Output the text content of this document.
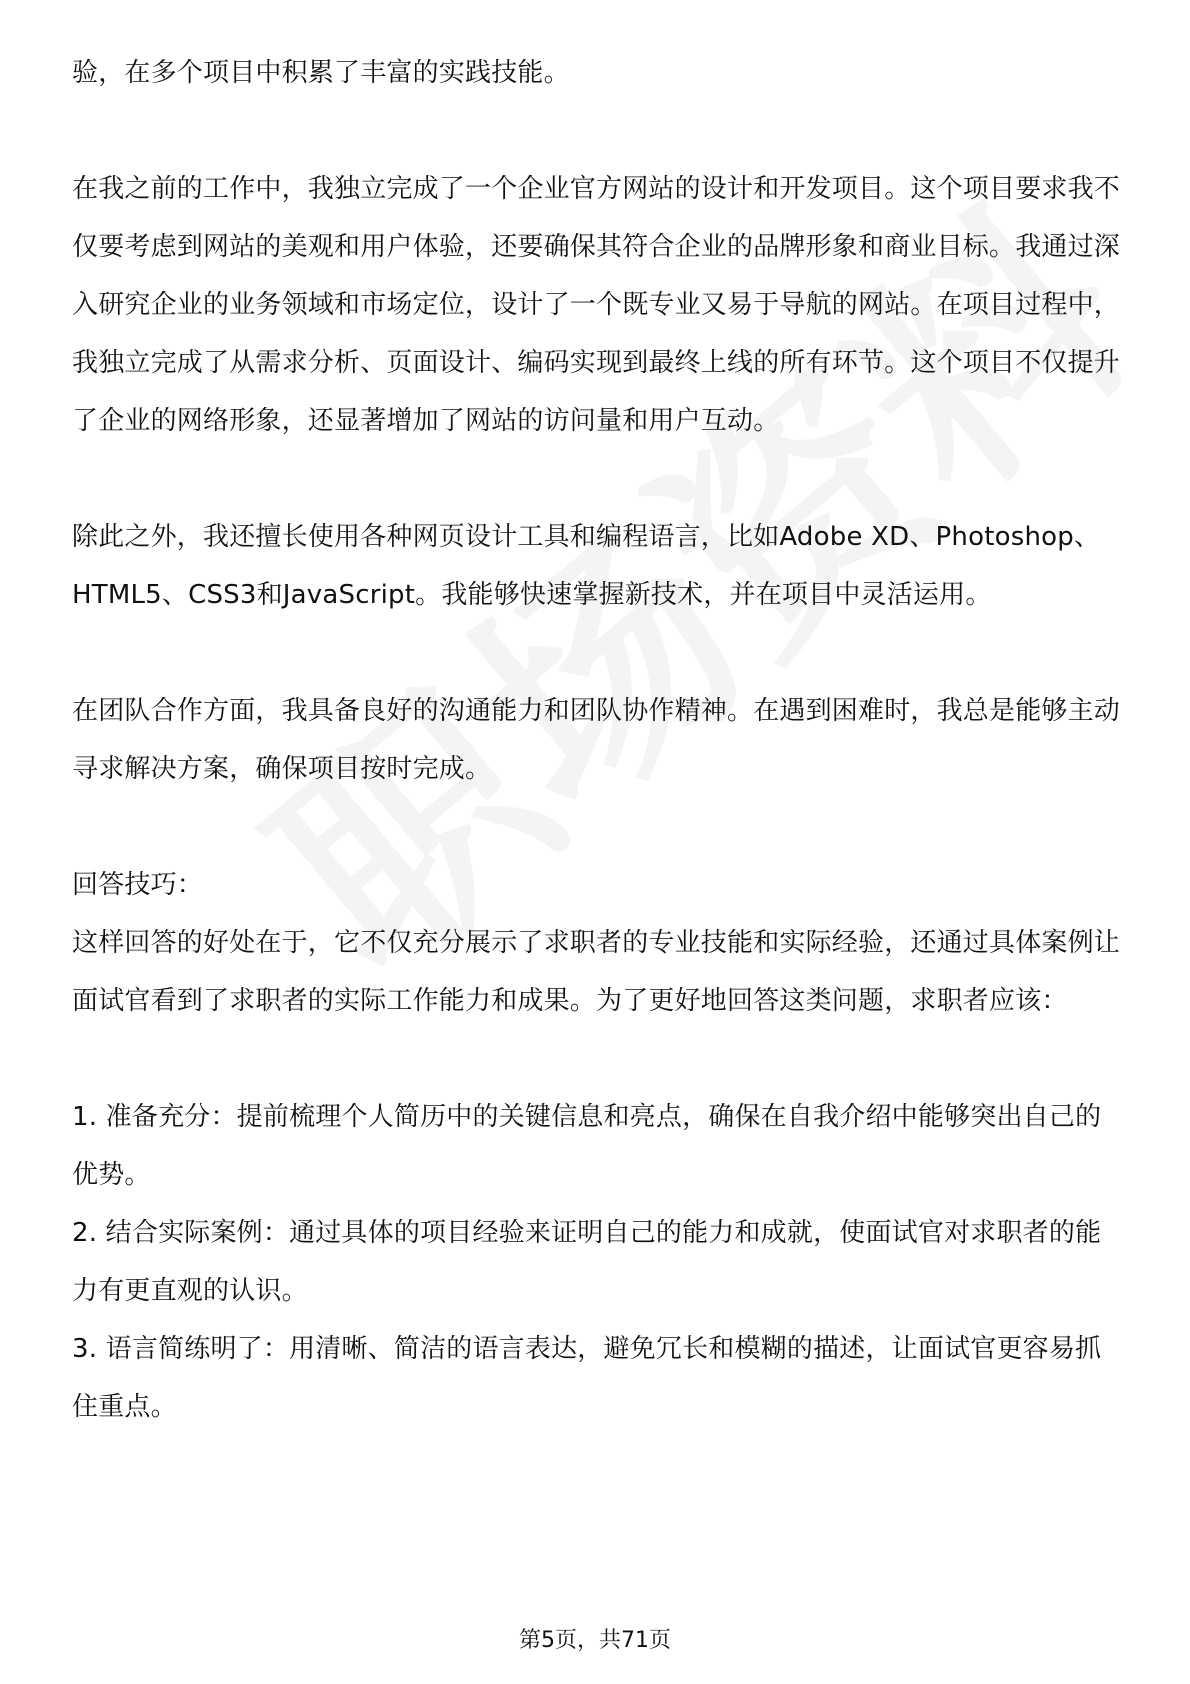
验，在多个项目中积累了丰富的实践技能。

在我之前的工作中，我独立完成了一个企业官方网站的设计和开发项目。这个项目要求我不仅要考虑到网站的美观和用户体验，还要确保其符合企业的品牌形象和商业目标。我通过深入研究企业的业务领域和市场定位，设计了一个既专业又易于导航的网站。在项目过程中，我独立完成了从需求分析、页面设计、编码实现到最终上线的所有环节。这个项目不仅提升了企业的网络形象，还显著增加了网站的访问量和用户互动。

除此之外，我还擅长使用各种网页设计工具和编程语言，比如Adobe XD、Photoshop、HTML5、CSS3和JavaScript。我能够快速掌握新技术，并在项目中灵活运用。

在团队合作方面，我具备良好的沟通能力和团队协作精神。在遇到困难时，我总是能够主动寻求解决方案，确保项目按时完成。

回答技巧：

这样回答的好处在于，它不仅充分展示了求职者的专业技能和实际经验，还通过具体案例让面试官看到了求职者的实际工作能力和成果。为了更好地回答这类问题，求职者应该：

1. 准备充分：提前梳理个人简历中的关键信息和亮点，确保在自我介绍中能够突出自己的优势。

2. 结合实际案例：通过具体的项目经验来证明自己的能力和成就，使面试官对求职者的能力有更直观的认识。

3. 语言简练明了：用清晰、简洁的语言表达，避免冗长和模糊的描述，让面试官更容易抓住重点。

第5页，共71页
